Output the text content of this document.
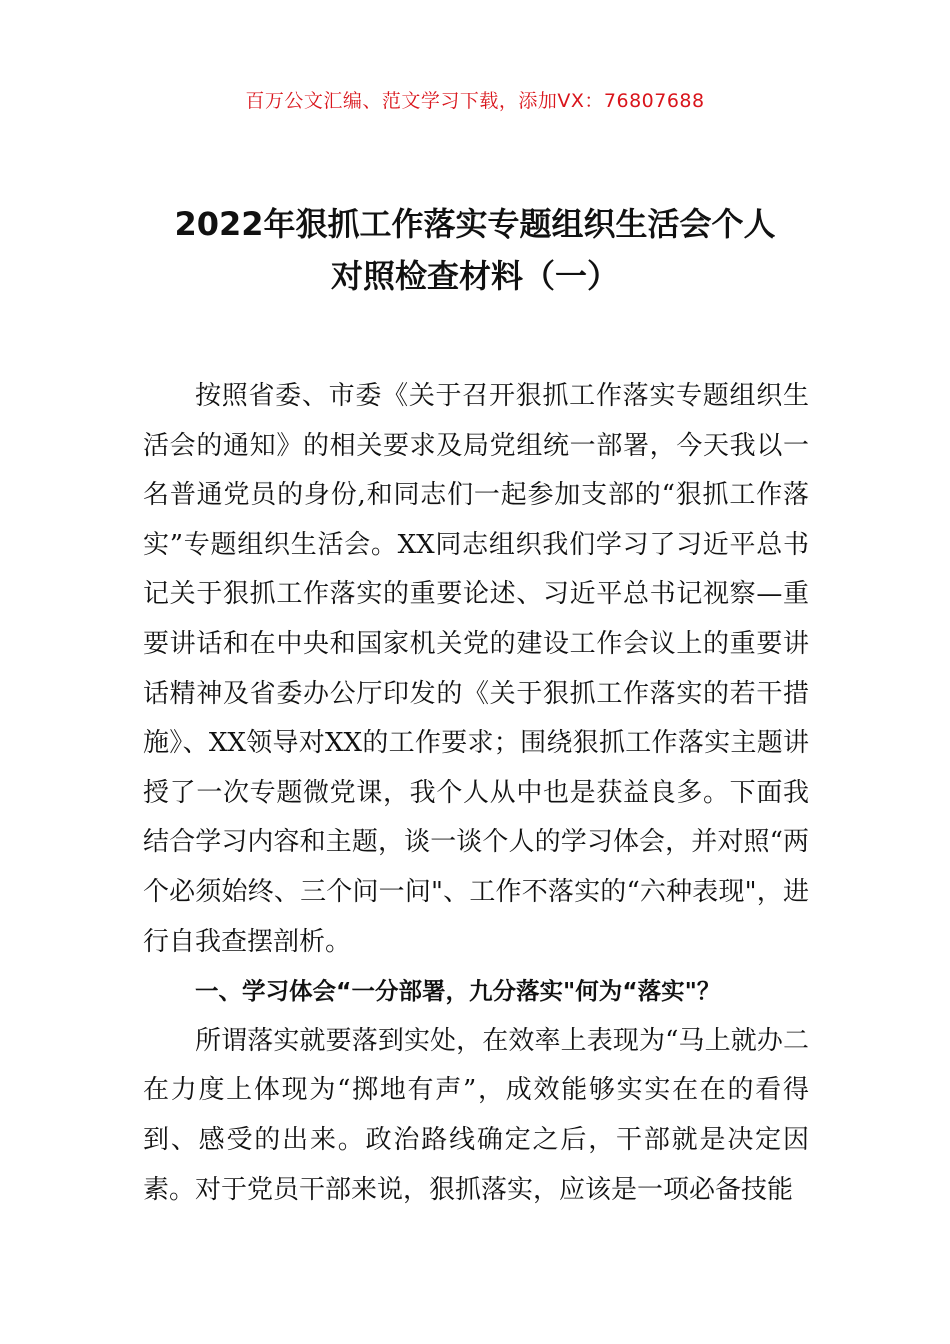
百万公文汇编、范文学习下载，添加VX：76807688
2022年狠抓工作落实专题组织生活会个人
对照检查材料（一）

按照省委、市委《关于召开狠抓工作落实专题组织生活会的通知》的相关要求及局党组统一部署，今天我以一名普通党员的身份,和同志们一起参加支部的“狠抓工作落实”专题组织生活会。XX同志组织我们学习了习近平总书记关于狠抓工作落实的重要论述、习近平总书记视察—重要讲话和在中央和国家机关党的建设工作会议上的重要讲话精神及省委办公厅印发的《关于狠抓工作落实的若干措施》、XX领导对XX的工作要求；围绕狠抓工作落实主题讲授了一次专题微党课，我个人从中也是获益良多。下面我结合学习内容和主题，谈一谈个人的学习体会，并对照“两个必须始终、三个问一问"、工作不落实的“六种表现"，进行自我查摆剖析。

一、学习体会“一分部署，九分落实"何为“落实"？

所谓落实就要落到实处，在效率上表现为“马上就办二在力度上体现为“掷地有声”，成效能够实实在在的看得到、感受的出来。政治路线确定之后，干部就是决定因素。对于党员干部来说，狠抓落实，应该是一项必备技能
